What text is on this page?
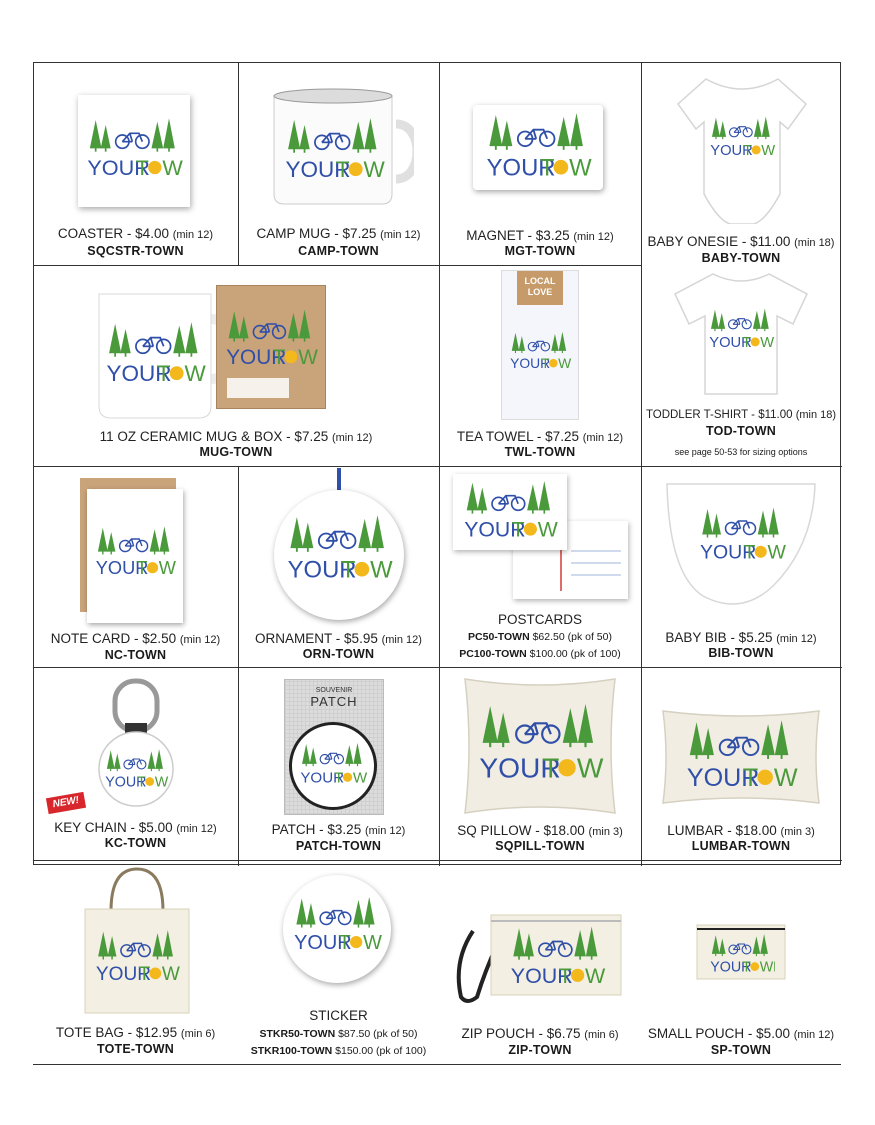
COASTER - $4.00 (min 12)
SQCSTR-TOWN
CAMP MUG - $7.25 (min 12)
CAMP-TOWN
MAGNET - $3.25 (min 12)
MGT-TOWN
BABY ONESIE - $11.00 (min 18)
BABY-TOWN
TODDLER T-SHIRT - $11.00 (min 18)
TOD-TOWN
see page 50-53 for sizing options
11 OZ CERAMIC MUG & BOX - $7.25 (min 12)
MUG-TOWN
LOCAL
LOVE
TEA TOWEL - $7.25 (min 12)
TWL-TOWN
NOTE CARD - $2.50 (min 12)
NC-TOWN
ORNAMENT - $5.95 (min 12)
ORN-TOWN
POSTCARDS
PC50-TOWN $62.50 (pk of 50)
PC100-TOWN $100.00 (pk of 100)
BABY BIB - $5.25 (min 12)
BIB-TOWN
NEW!
KEY CHAIN - $5.00 (min 12)
KC-TOWN
SOUVENIR
PATCH
PATCH - $3.25 (min 12)
PATCH-TOWN
SQ PILLOW - $18.00 (min 3)
SQPILL-TOWN
LUMBAR - $18.00 (min 3)
LUMBAR-TOWN
TOTE BAG - $12.95 (min 6)
TOTE-TOWN
STICKER
STKR50-TOWN $87.50 (pk of 50)
STKR100-TOWN $150.00 (pk of 100)
ZIP POUCH - $6.75 (min 6)
ZIP-TOWN
SMALL POUCH - $5.00 (min 12)
SP-TOWN
